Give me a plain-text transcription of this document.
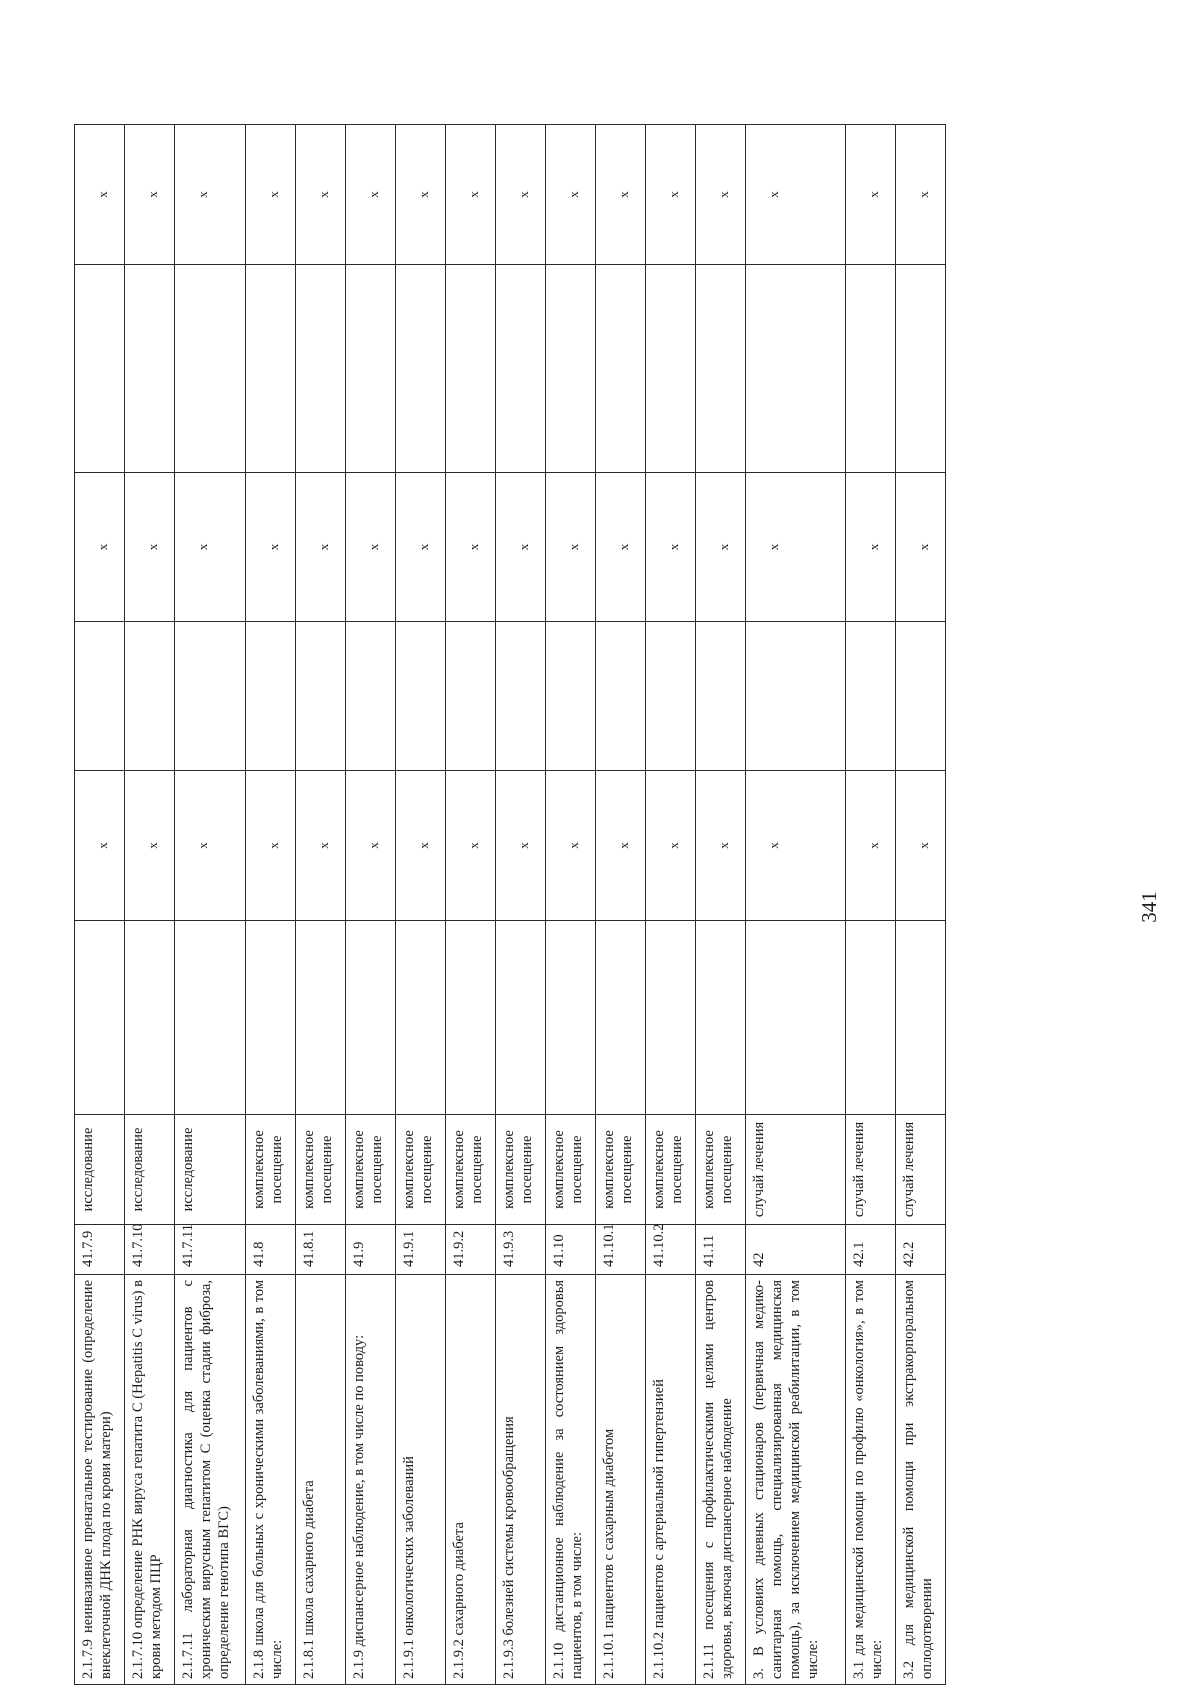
2.1.7.9 неинвазивное пренатальное тестирование (определение внеклеточной ДНК плода по крови матери)	41.7.9	исследование		х		х		х
2.1.7.10 определение РНК вируса гепатита С (Hepatitis C virus) в крови методом ПЦР	41.7.10	исследование		х		х		х
2.1.7.11 лабораторная диагностика для пациентов с хроническим вирусным гепатитом С (оценка стадии фиброза, определение генотипа ВГС)	41.7.11	исследование		х		х		х
2.1.8 школа для больных с хроническими заболеваниями, в том числе:	41.8	комплексное посещение		х		х		х
2.1.8.1 школа сахарного диабета	41.8.1	комплексное посещение		х		х		х
2.1.9 диспансерное наблюдение, в том числе по поводу:	41.9	комплексное посещение		х		х		х
2.1.9.1 онкологических заболеваний	41.9.1	комплексное посещение		х		х		х
2.1.9.2 сахарного диабета	41.9.2	комплексное посещение		х		х		х
2.1.9.3 болезней системы кровообращения	41.9.3	комплексное посещение		х		х		х
2.1.10 дистанционное наблюдение за состоянием здоровья пациентов, в том числе:	41.10	комплексное посещение		х		х		х
2.1.10.1 пациентов с сахарным диабетом	41.10.1	комплексное посещение		х		х		х
2.1.10.2 пациентов с артериальной гипертензией	41.10.2	комплексное посещение		х		х		х
2.1.11 посещения с профилактическими целями центров здоровья, включая диспансерное наблюдение	41.11	комплексное посещение		х		х		х
3. В условиях дневных стационаров (первичная медико-санитарная помощь, специализированная медицинская помощь), за исключением медицинской реабилитации, в том числе:	42	случай лечения		х		х		х
3.1 для медицинской помощи по профилю «онкология», в том числе:	42.1	случай лечения		х		х		х
3.2 для медицинской помощи при экстракорпоральном оплодотворении	42.2	случай лечения		х		х		х
341
